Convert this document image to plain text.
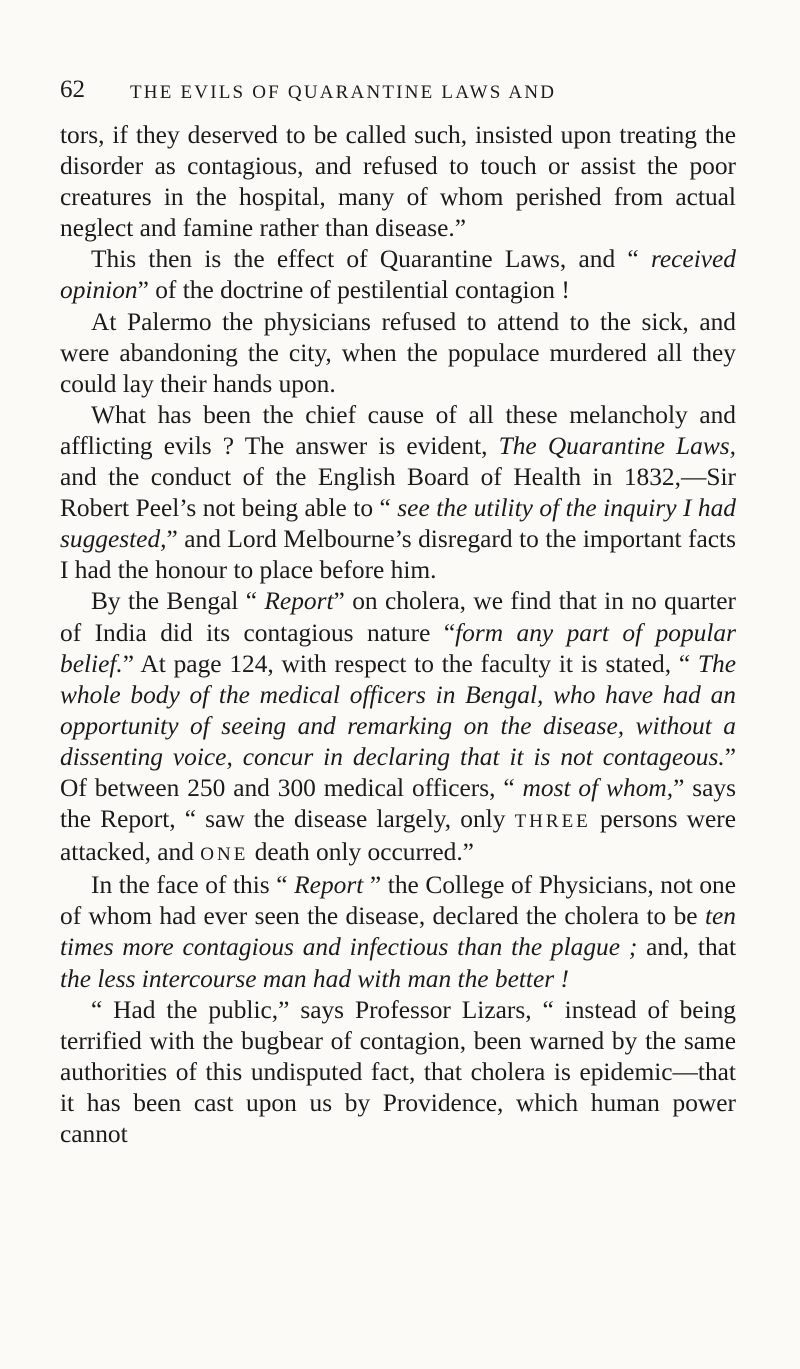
62 THE EVILS OF QUARANTINE LAWS AND

tors, if they deserved to be called such, insisted upon treating the disorder as contagious, and refused to touch or assist the poor creatures in the hospital, many of whom perished from actual neglect and famine rather than disease.”

This then is the effect of Quarantine Laws, and “ received opinion” of the doctrine of pestilential contagion !

At Palermo the physicians refused to attend to the sick, and were abandoning the city, when the populace murdered all they could lay their hands upon.

What has been the chief cause of all these melancholy and afflicting evils ? The answer is evident, The Quarantine Laws, and the conduct of the English Board of Health in 1832,—Sir Robert Peel’s not being able to “ see the utility of the inquiry I had suggested,” and Lord Melbourne’s disregard to the important facts I had the honour to place before him.

By the Bengal “ Report” on cholera, we find that in no quarter of India did its contagious nature “form any part of popular belief.” At page 124, with respect to the faculty it is stated, “ The whole body of the medical officers in Bengal, who have had an opportunity of seeing and remarking on the disease, without a dissenting voice, concur in declaring that it is not contageous.” Of between 250 and 300 medical officers, “ most of whom,” says the Report, “ saw the disease largely, only THREE persons were attacked, and ONE death only occurred.”

In the face of this “ Report ” the College of Physicians, not one of whom had ever seen the disease, declared the cholera to be ten times more contagious and infectious than the plague ; and, that the less intercourse man had with man the better !

“ Had the public,” says Professor Lizars, “ instead of being terrified with the bugbear of contagion, been warned by the same authorities of this undisputed fact, that cholera is epidemic—that it has been cast upon us by Providence, which human power cannot
